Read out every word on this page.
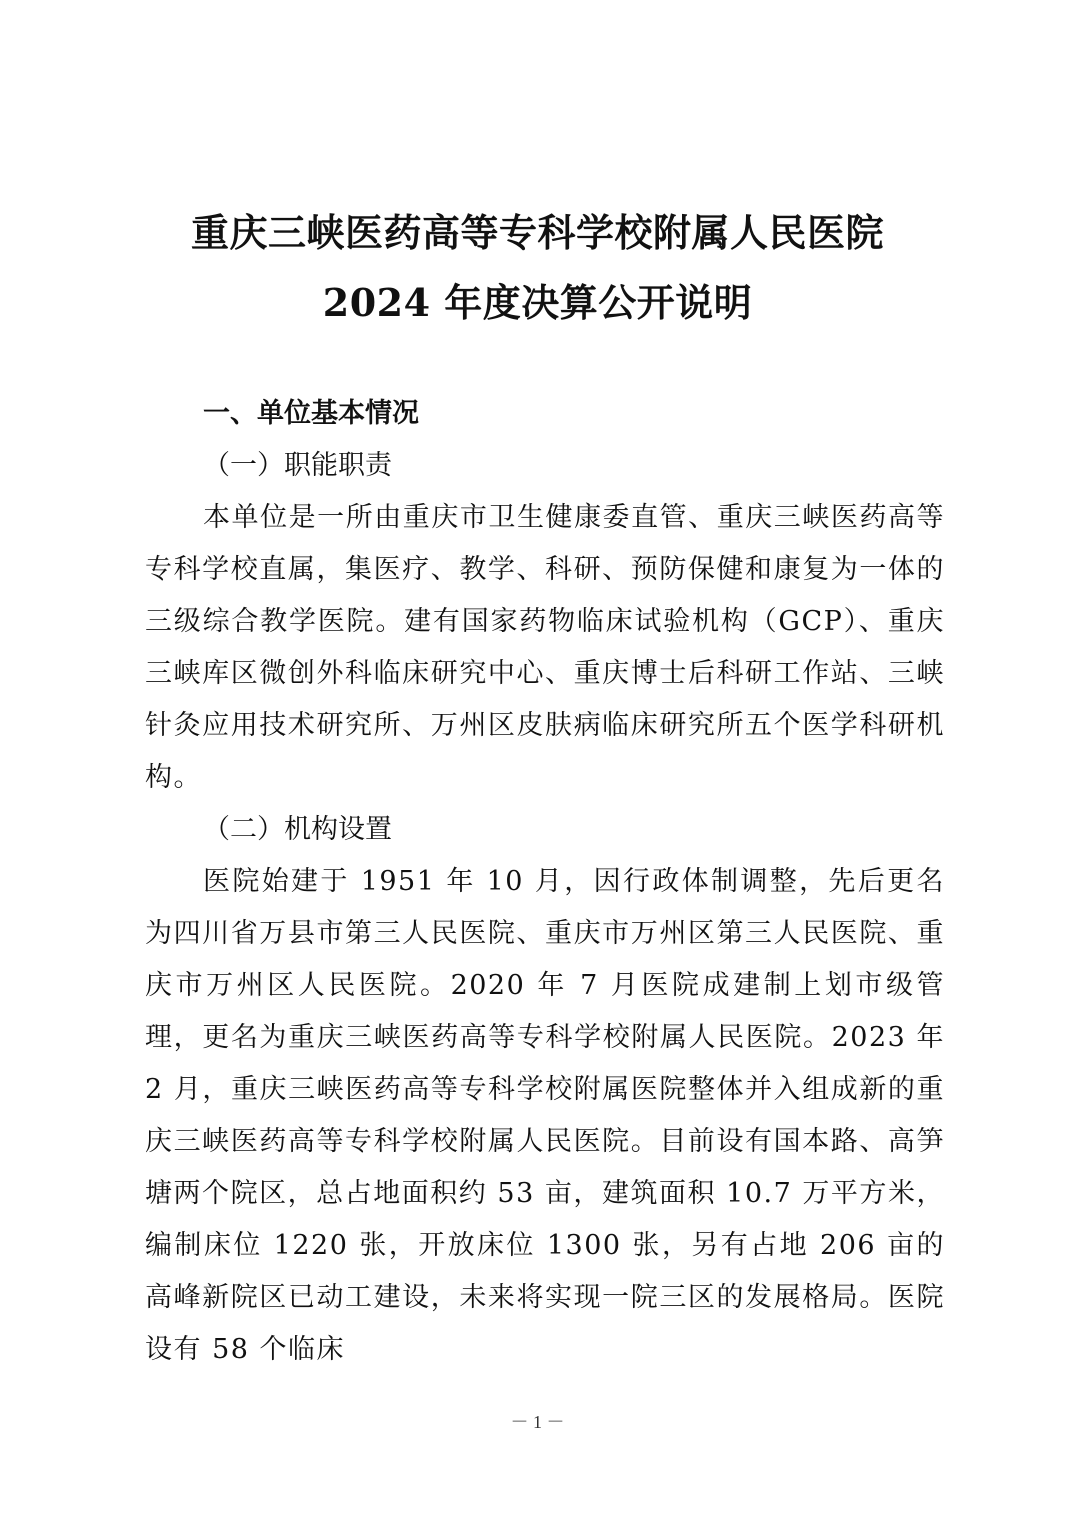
重庆三峡医药高等专科学校附属人民医院
2024 年度决算公开说明
一、单位基本情况
（一）职能职责

本单位是一所由重庆市卫生健康委直管、重庆三峡医药高等专科学校直属，集医疗、教学、科研、预防保健和康复为一体的三级综合教学医院。建有国家药物临床试验机构（GCP）、重庆三峡库区微创外科临床研究中心、重庆博士后科研工作站、三峡针灸应用技术研究所、万州区皮肤病临床研究所五个医学科研机构。

（二）机构设置

医院始建于 1951 年 10 月，因行政体制调整，先后更名为四川省万县市第三人民医院、重庆市万州区第三人民医院、重庆市万州区人民医院。2020 年 7 月医院成建制上划市级管理，更名为重庆三峡医药高等专科学校附属人民医院。2023 年 2 月，重庆三峡医药高等专科学校附属医院整体并入组成新的重庆三峡医药高等专科学校附属人民医院。目前设有国本路、高笋塘两个院区，总占地面积约 53 亩，建筑面积 10.7 万平方米，编制床位 1220 张，开放床位 1300 张，另有占地 206 亩的高峰新院区已动工建设，未来将实现一院三区的发展格局。医院设有 58 个临床

－ 1 －
